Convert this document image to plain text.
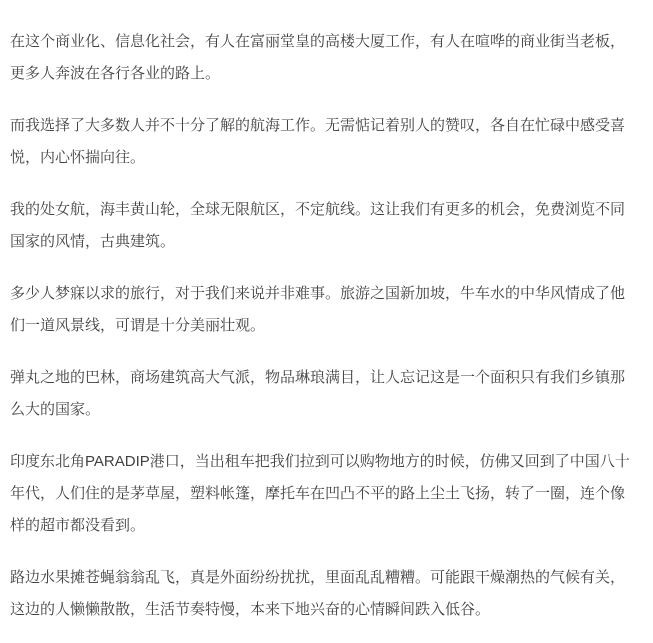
在这个商业化、信息化社会，有人在富丽堂皇的高楼大厦工作，有人在喧哗的商业街当老板，更多人奔波在各行各业的路上。

而我选择了大多数人并不十分了解的航海工作。无需惦记着别人的赞叹，各自在忙碌中感受喜悦，内心怀揣向往。

我的处女航，海丰黄山轮，全球无限航区，不定航线。这让我们有更多的机会，免费浏览不同国家的风情，古典建筑。

多少人梦寐以求的旅行，对于我们来说并非难事。旅游之国新加坡，牛车水的中华风情成了他们一道风景线，可谓是十分美丽壮观。

弹丸之地的巴林，商场建筑高大气派，物品琳琅满目，让人忘记这是一个面积只有我们乡镇那么大的国家。

印度东北角PARADIP港口，当出租车把我们拉到可以购物地方的时候，仿佛又回到了中国八十年代，人们住的是茅草屋，塑料帐篷，摩托车在凹凸不平的路上尘土飞扬，转了一圈，连个像样的超市都没看到。

路边水果摊苍蝇翁翁乱飞，真是外面纷纷扰扰，里面乱乱糟糟。可能跟干燥潮热的气候有关，这边的人懒懒散散，生活节奏特慢，本来下地兴奋的心情瞬间跌入低谷。
